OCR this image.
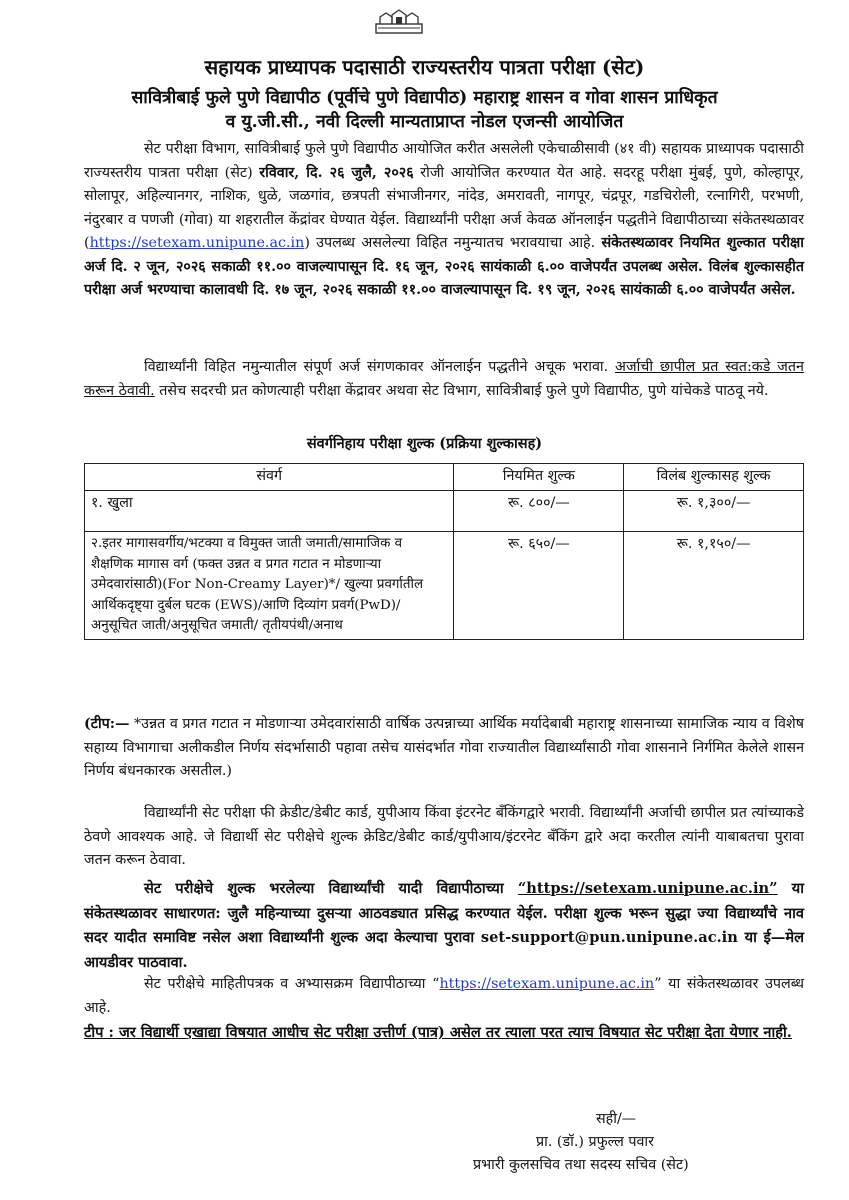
सहायक प्राध्यापक पदासाठी राज्यस्तरीय पात्रता परीक्षा (सेट)
सावित्रीबाई फुले पुणे विद्यापीठ (पूर्वीचे पुणे विद्यापीठ) महाराष्ट्र शासन व गोवा शासन प्राधिकृत
व यु.जी.सी., नवी दिल्ली मान्यताप्राप्त नोडल एजन्सी आयोजित
सेट परीक्षा विभाग, सावित्रीबाई फुले पुणे विद्यापीठ आयोजित करीत असलेली एकेचाळीसावी (४१ वी) सहायक प्राध्यापक पदासाठी राज्यस्तरीय पात्रता परीक्षा (सेट) रविवार, दि. २६ जुलै, २०२६ रोजी आयोजित करण्यात येत आहे. सदरहू परीक्षा मुंबई, पुणे, कोल्हापूर, सोलापूर, अहिल्यानगर, नाशिक, धुळे, जळगांव, छत्रपती संभाजीनगर, नांदेड, अमरावती, नागपूर, चंद्रपूर, गडचिरोली, रत्नागिरी, परभणी, नंदुरबार व पणजी (गोवा) या शहरातील केंद्रांवर घेण्यात येईल. विद्यार्थ्यांनी परीक्षा अर्ज केवळ ऑनलाईन पद्धतीने विद्यापीठाच्या संकेतस्थळावर (https://setexam.unipune.ac.in) उपलब्ध असलेल्या विहित नमुन्यातच भरावयाचा आहे. संकेतस्थळावर नियमित शुल्कात परीक्षा अर्ज दि. २ जून, २०२६ सकाळी ११.०० वाजल्यापासून दि. १६ जून, २०२६ सायंकाळी ६.०० वाजेपर्यंत उपलब्ध असेल. विलंब शुल्कासहीत परीक्षा अर्ज भरण्याचा कालावधी दि. १७ जून, २०२६ सकाळी ११.०० वाजल्यापासून दि. १९ जून, २०२६ सायंकाळी ६.०० वाजेपर्यंत असेल.
विद्यार्थ्यांनी विहित नमुन्यातील संपूर्ण अर्ज संगणकावर ऑनलाईन पद्धतीने अचूक भरावा. अर्जाची छापील प्रत स्वत:कडे जतन करून ठेवावी. तसेच सदरची प्रत कोणत्याही परीक्षा केंद्रावर अथवा सेट विभाग, सावित्रीबाई फुले पुणे विद्यापीठ, पुणे यांचेकडे पाठवू नये.
संवर्गनिहाय परीक्षा शुल्क (प्रक्रिया शुल्कासह)
संवर्ग	नियमित शुल्क	विलंब शुल्कासह शुल्क
१. खुला	रू. ८००/—	रू. १,३००/—
२.इतर मागासवर्गीय/भटक्या व विमुक्त जाती जमाती/सामाजिक व शैक्षणिक मागास वर्ग (फक्त उन्नत व प्रगत गटात न मोडणाऱ्या उमेदवारांसाठी)(For Non-Creamy Layer)*/ खुल्या प्रवर्गातील आर्थिकदृष्ट्या दुर्बल घटक (EWS)/आणि दिव्यांग प्रवर्ग(PwD)/ अनुसूचित जाती/अनुसूचित जमाती/ तृतीयपंथी/अनाथ	रू. ६५०/—	रू. १,१५०/—
(टीप:— *उन्नत व प्रगत गटात न मोडणाऱ्या उमेदवारांसाठी वार्षिक उत्पन्नाच्या आर्थिक मर्यादेबाबी महाराष्ट्र शासनाच्या सामाजिक न्याय व विशेष सहाय्य विभागाचा अलीकडील निर्णय संदर्भासाठी पहावा तसेच यासंदर्भात गोवा राज्यातील विद्यार्थ्यांसाठी गोवा शासनाने निर्गमित केलेले शासन निर्णय बंधनकारक असतील.)
विद्यार्थ्यांनी सेट परीक्षा फी क्रेडीट/डेबीट कार्ड, युपीआय किंवा इंटरनेट बँकिंगद्वारे भरावी. विद्यार्थ्यांनी अर्जाची छापील प्रत त्यांच्याकडे ठेवणे आवश्यक आहे. जे विद्यार्थी सेट परीक्षेचे शुल्क क्रेडिट/डेबीट कार्ड/युपीआय/इंटरनेट बँकिंग द्वारे अदा करतील त्यांनी याबाबतचा पुरावा जतन करून ठेवावा.
सेट परीक्षेचे शुल्क भरलेल्या विद्यार्थ्यांची यादी विद्यापीठाच्या “https://setexam.unipune.ac.in” या संकेतस्थळावर साधारणत: जुलै महिन्याच्या दुसऱ्या आठवड्यात प्रसिद्ध करण्यात येईल. परीक्षा शुल्क भरून सुद्धा ज्या विद्यार्थ्यांचे नाव सदर यादीत समाविष्ट नसेल अशा विद्यार्थ्यांनी शुल्क अदा केल्याचा पुरावा set-support@pun.unipune.ac.in या ई—मेल आयडीवर पाठवावा.
सेट परीक्षेचे माहितीपत्रक व अभ्यासक्रम विद्यापीठाच्या “https://setexam.unipune.ac.in” या संकेतस्थळावर उपलब्ध आहे.
टीप : जर विद्यार्थी एखाद्या विषयात आधीच सेट परीक्षा उत्तीर्ण (पात्र) असेल तर त्याला परत त्याच विषयात सेट परीक्षा देता येणार नाही.
सही/—
प्रा. (डॉ.) प्रफुल्ल पवार
प्रभारी कुलसचिव तथा सदस्य सचिव (सेट)
